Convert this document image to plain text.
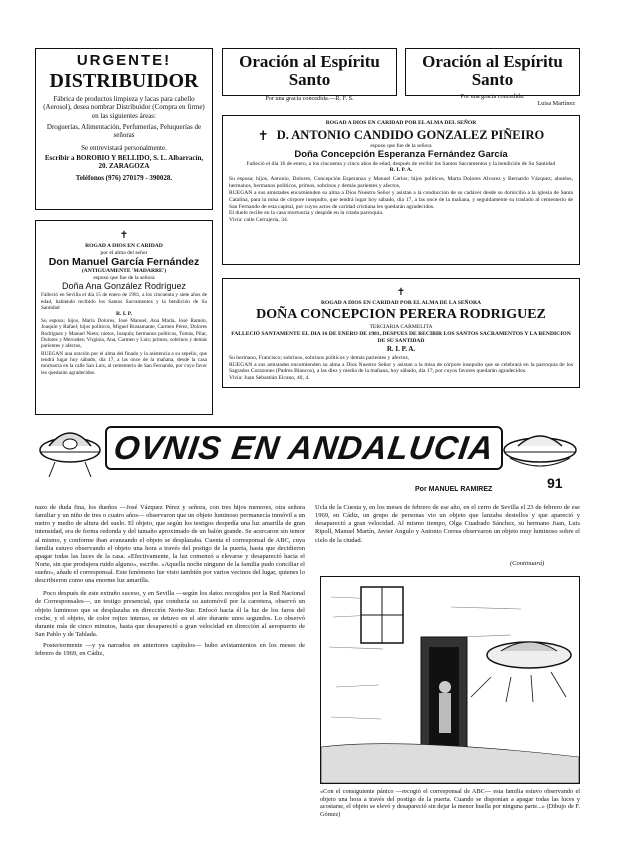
URGENTE!

DISTRIBUIDOR

Fábrica de productos limpieza y lacas para cabello (Aerosol), desea nombrar Distribuidor (Compra en firme) en las siguientes áreas:

Droguerías, Alimentación, Perfumerías, Peluquerías de señoras

Se entrevistará personalmente.

Escribir a BOROBIO Y BELLIDO, S. L. Albarracín, 20. ZARAGOZA

Teléfonos (976) 270179 - 390028.

Oración al Espíritu Santo

Por una gracia concedida.—R. F. S.

Oración al Espíritu Santo

Por una gracia concedida.

Luisa Martínez

ROGAD A DIOS EN CARIDAD POR EL ALMA DEL SEÑOR

✝ D. ANTONIO CANDIDO GONZALEZ PIÑEIRO

esposo que fue de la señora

Doña Concepción Esperanza Fernández García

Falleció el día 16 de enero, a los cincuenta y cinco años de edad, después de recibir los Santos Sacramentos y la bendición de Su Santidad

R. I. P. A.

Su esposa; hijos, Antonio, Dolores, Concepción Esperanza y Manuel Carlos; hijos políticos, Marta Dolores Alvarez y Bernardo Vázquez; abuelos, hermanos, hermanos políticos, primos, sobrinos y demás parientes y afectos,

RUEGAN a sus amistades encomienden su alma a Dios Nuestro Señor y asistan a la conducción de su cadáver desde su domicilio a la iglesia de Santa Catalina, para la misa de córpore insepulto, que tendrá lugar hoy sábado, día 17, a las once de la mañana, y seguidamente su traslado al cementerio de San Fernando de esta capital, por cuyos actos de caridad cristiana les quedarán agradecidos.

El duelo recibe en la casa mortuoria y despide en la citada parroquia.

Vivía: calle Cerrajería, 34.

✝

ROGAD A DIOS EN CARIDAD

por el alma del señor

Don Manuel García Fernández

(ANTIGUAMENTE 'MADARRE')

esposo que fue de la señora

Doña Ana González Rodríguez

Falleció en Sevilla el día 15 de enero de 1981, a los cincuenta y siete años de edad, habiendo recibido los Santos Sacramentos y la bendición de Su Santidad

R. I. P.

Su esposa; hijos, María Dolores, José Manuel, Ana María, José Ramón, Joaquín y Rafael; hijos políticos, Miguel Bustamante, Carmen Pérez, Dolores Rodríguez y Manuel Nieto; nietos, Joaquín; hermanos políticos, Tomás, Pilar, Dolores y Mercedes; Virginia, Ana, Carmen y Luis; primos, sobrinos y demás parientes y afectos,

RUEGAN una oración por el alma del finado y la asistencia a su sepelio, que tendrá lugar hoy sábado, día 17, a las once de la mañana, desde la casa mortuoria en la calle San Luis, al cementerio de San Fernando, por cuyo favor les quedarán agradecidos.

✝

ROGAD A DIOS EN CARIDAD POR EL ALMA DE LA SEÑORA

DOÑA CONCEPCION PERERA RODRIGUEZ

TERCIARIA CARMELITA

FALLECIÓ SANTAMENTE EL DIA 16 DE ENERO DE 1981, DESPUES DE RECIBIR LOS SANTOS SACRAMENTOS Y LA BENDICION DE SU SANTIDAD

R. I. P. A.

Su hermano, Francisco; sobrinos, sobrinos políticos y demás parientes y afectos,

RUEGAN a sus amistades encomienden su alma a Dios Nuestro Señor y asistan a la misa de córpore insepulto que se celebrará en la parroquia de los Sagrados Corazones (Padres Blancos), a las diez y media de la mañana, hoy sábado, día 17, por cuyos favores quedarán agradecidos.

Vivía: Juan Sebastián Elcano, 40, 4.

OVNIS EN ANDALUCIA

91

Por MANUEL RAMIREZ

nazo de duda fina, los dueños —José Vázquez Pérez y señora, con tres hijos menores, otra señora familiar y un niño de tres o cuatro años— observaron que un objeto luminoso permanecía inmóvil a un metro y medio de altura del suelo. El objeto, que según los testigos despedía una luz amarilla de gran intensidad, era de forma redonda y del tamaño aproximado de un balón grande. Se acercaron sin temor al mismo, y conforme iban avanzando el objeto se desplazaba. Cuenta el corresponsal de ABC, cuya familia estuvo observando el objeto una hora a través del postigo de la puerta, hasta que decidieron apagar todas las luces de la casa. «Efectivamente, la luz comenzó a elevarse y desapareció hacia el Norte, sin que produjera ruido alguno», escribe. «Aquella noche ninguno de la familia pudo conciliar el sueño», añade el corresponsal. Este fenómeno fue visto también por varios vecinos del lugar, quienes lo describieron como una enorme luz amarilla.

Poco después de este extraño suceso, y en Sevilla —según los datos recogidos por la Red Nacional de Corresponsales—, un testigo presencial, que conducía su automóvil por la carretera, observó un objeto luminoso que se desplazaba en dirección Norte-Sur. Enfocó hacia él la luz de los faros del coche, y el objeto, de color rojizo intenso, se detuvo en el aire durante unos segundos. Lo observó durante más de cinco minutos, hasta que desapareció a gran velocidad en dirección al aeropuerto de San Pablo y de Tablada.

Posteriormente —y ya narrados en anteriores capítulos— hubo avistamientos en los meses de febrero de 1969, en Cádiz,

Ucla de la Cuesta y, en los meses de febrero de ese año, en el cerro de Sevilla el 23 de febrero de ese 1969, en Cádiz, un grupo de personas vio un objeto que lanzaba destellos y que apareció y desapareció a gran velocidad. Al mismo tiempo, Olga Cuadrado Sánchez, su hermano Juan, Luis Ripoll, Manuel Martín, Javier Angulo y Antonio Correa observaron un objeto muy luminoso sobre el cielo de la ciudad.

(Continuará)

«Con el consiguiente pánico —recogió el corresponsal de ABC— esta familia estuvo observando el objeto una hora a través del postigo de la puerta. Cuando se disponían a apagar todas las luces y acostarse, el objeto se elevó y desapareció sin dejar la menor huella por ninguna parte...» (Dibujo de F. Gómez)
